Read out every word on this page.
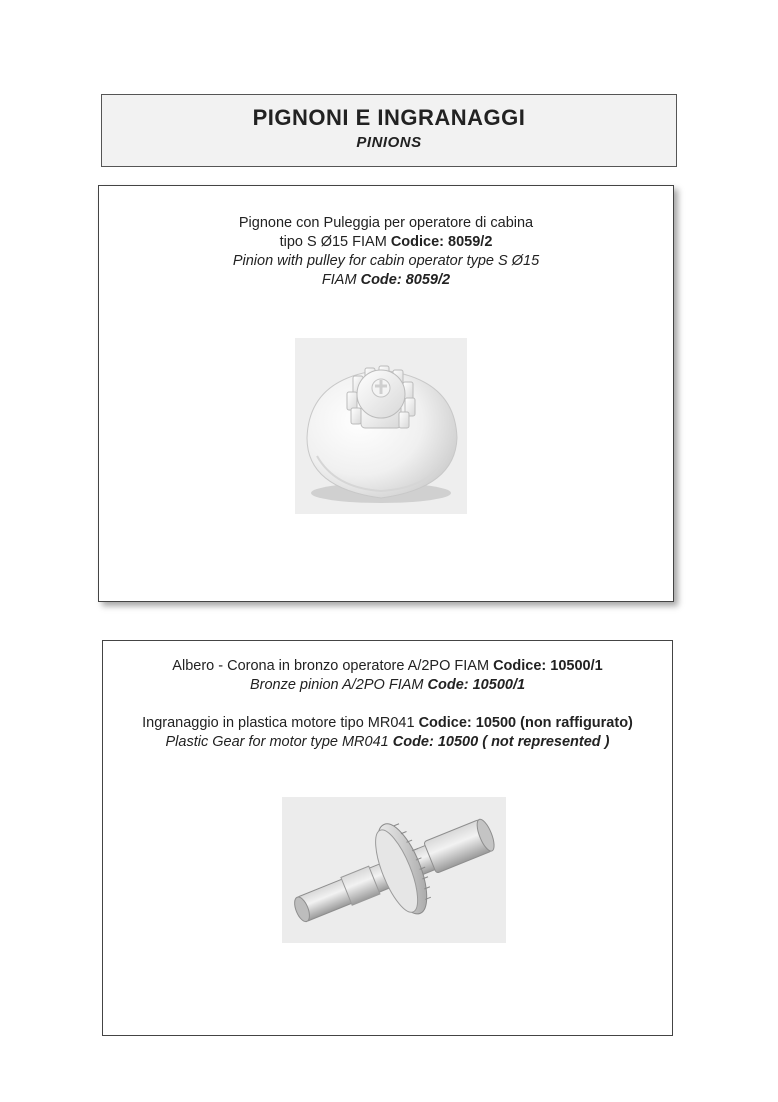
PIGNONI E INGRANAGGI
PINIONS
Pignone con Puleggia per operatore di cabina
tipo S Ø15 FIAM Codice: 8059/2
Pinion with pulley for cabin operator type S Ø15
FIAM Code: 8059/2
Albero - Corona in bronzo operatore A/2PO FIAM Codice: 10500/1
Bronze pinion A/2PO FIAM Code: 10500/1
Ingranaggio in plastica motore tipo MR041 Codice: 10500 (non raffigurato)
Plastic Gear for motor type MR041 Code: 10500 ( not represented )
